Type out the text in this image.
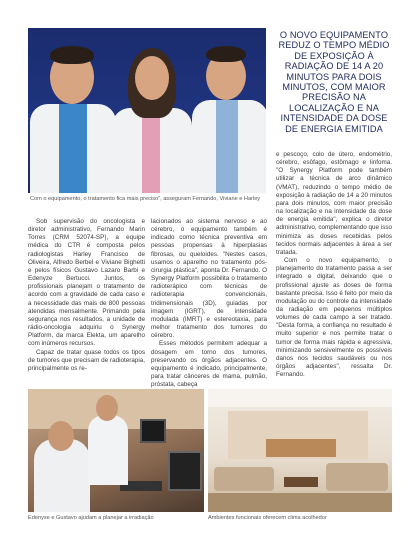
Com o equipamento, o tratamento fica mais preciso", asseguram Fernando, Viviane e Harley
O NOVO EQUIPAMENTO REDUZ O TEMPO MÉDIO DE EXPOSIÇÃO À RADIAÇÃO DE 14 A 20 MINUTOS PARA DOIS MINUTOS, COM MAIOR PRECISÃO NA LOCALIZAÇÃO E NA INTENSIDADE DA DOSE DE ENERGIA EMITIDA

e pescoço, colo de útero, endométrio, cérebro, esôfago, estômago e linfoma. "O Synergy Platform pode também utilizar a técnica de arco dinâmico (VMAT), reduzindo o tempo médio de exposição à radiação de 14 a 20 minutos para dois minutos, com maior precisão na localização e na intensidade da dose de energia emitida", explica o diretor administrativo, complementando que isso minimiza as doses recebidas pelos tecidos normais adjacentes à área a ser tratada.

Com o novo equipamento, o planejamento do tratamento passa a ser integrado e digital, deixando que o profissional ajuste as doses de forma bastante precisa. Isso é feito por meio da modulação ou do controle da intensidade da radiação em pequenos múltiplos volumes de cada campo a ser tratado. "Desta forma, a confiança no resultado é muito superior e nos permite tratar o tumor de forma mais rápida e agressiva, minimizando sensivelmente os possíveis danos nos tecidos saudáveis ou nos órgãos adjacentes", ressalta Dr. Fernando.

Sob supervisão do oncologista e diretor administrativo, Fernando Marin Torres (CRM 52074-SP), a equipe médica do CTR é composta pelos radiologistas Harley Francisco de Oliveira, Alfredo Berbel e Viviane Bighetti e pelos físicos Gustavo Lazaro Barbi e Edenyze Bertucci. Juntos, os profissionais planejam o tratamento de acordo com a gravidade de cada caso e a necessidade das mais de 800 pessoas atendidas mensalmente. Primando pela segurança nos resultados, a unidade de rádio-oncologia adquiriu o Synergy Platform, da marca Elekta, um aparelho com inúmeros recursos.

Capaz de tratar quase todos os tipos de tumores que precisam de radioterapia, principalmente os re-

lacionados ao sistema nervoso e ao cérebro, o equipamento também é indicado como técnica preventiva em pessoas propensas à hiperplasias fibrosas, ou queloides. "Nestes casos, usamos o aparelho no tratamento pós-cirurgia plástica", aponta Dr. Fernando. O Synergy Platform possibilita o tratamento radioterápico com técnicas de radioterapia convencionais, tridimensionais (3D), guiadas por imagem (IGRT), de intensidade modulada (IMRT) e estereotaxia, para melhor tratamento dos tumores do cérebro.

Esses métodos permitem adequar a dosagem em torno dos tumores, preservando os órgãos adjacentes. O equipamento é indicado, principalmente, para tratar cânceres de mama, pulmão, próstata, cabeça

Edenyse e Gustavo ajudam a planejar a irradiação	Ambientes funcionais oferecem clima acolhedor
